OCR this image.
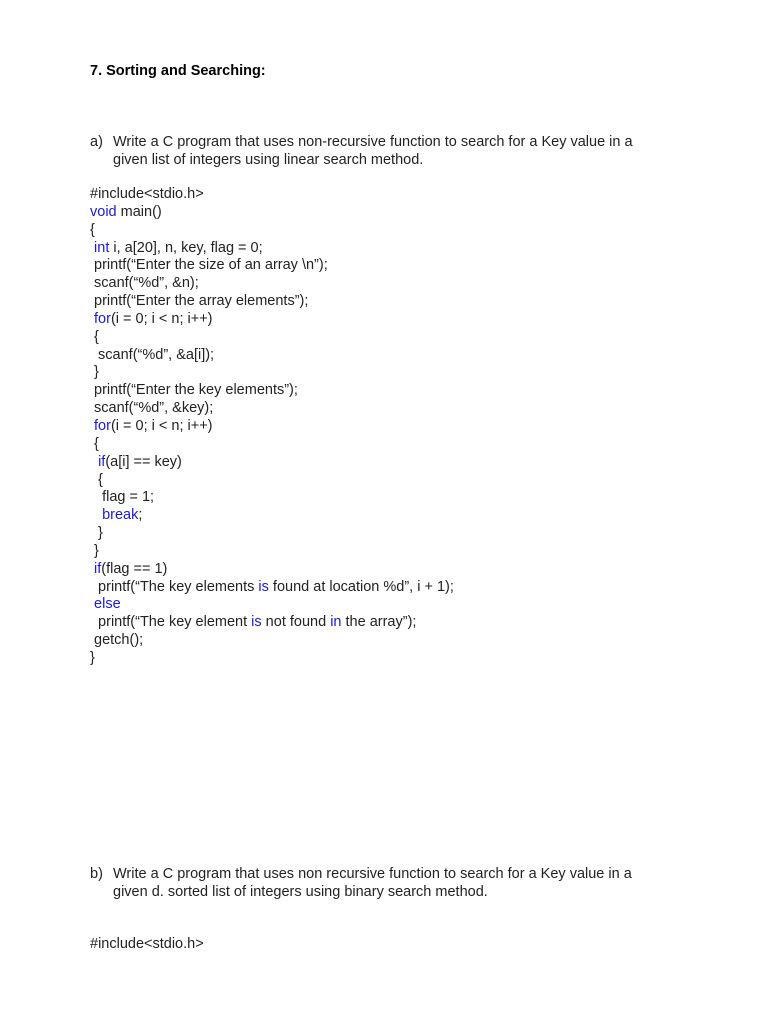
7. Sorting and Searching:
a) Write a C program that uses non-recursive function to search for a Key value in a
given list of integers using linear search method.
#include<stdio.h>
void main()
{
int i, a[20], n, key, flag = 0;
printf(“Enter the size of an array \n”);
scanf(“%d”, &n);
printf(“Enter the array elements”);
for(i = 0; i < n; i++)
{
scanf(“%d”, &a[i]);
}
printf(“Enter the key elements”);
scanf(“%d”, &key);
for(i = 0; i < n; i++)
{
if(a[i] == key)
{
flag = 1;
break;
}
}
if(flag == 1)
printf(“The key elements is found at location %d”, i + 1);
else
printf(“The key element is not found in the array”);
getch();
}
b) Write a C program that uses non recursive function to search for a Key value in a
given d. sorted list of integers using binary search method.
#include<stdio.h>
